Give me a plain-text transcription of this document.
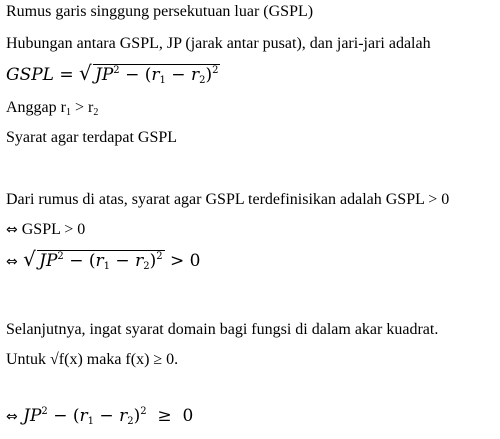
Rumus garis singgung persekutuan luar (GSPL)
Hubungan antara GSPL, JP (jarak antar pusat), dan jari-jari adalah
GSPL = √ $JP^2 - (r_1 - r_2)^2$
Anggap $r_1 > r_2$
Syarat agar terdapat GSPL
Dari rumus di atas, syarat agar GSPL terdefinisikan adalah GSPL > 0
⇔ GSPL > 0
⇔ √ $JP^2 - (r_1 - r_2)^2 > 0$
Selanjutnya, ingat syarat domain bagi fungsi di dalam akar kuadrat.
Untuk √f(x) maka f(x) ≥ 0.
⇔ $JP^2 - (r_1 - r_2)^2 \ge 0$
